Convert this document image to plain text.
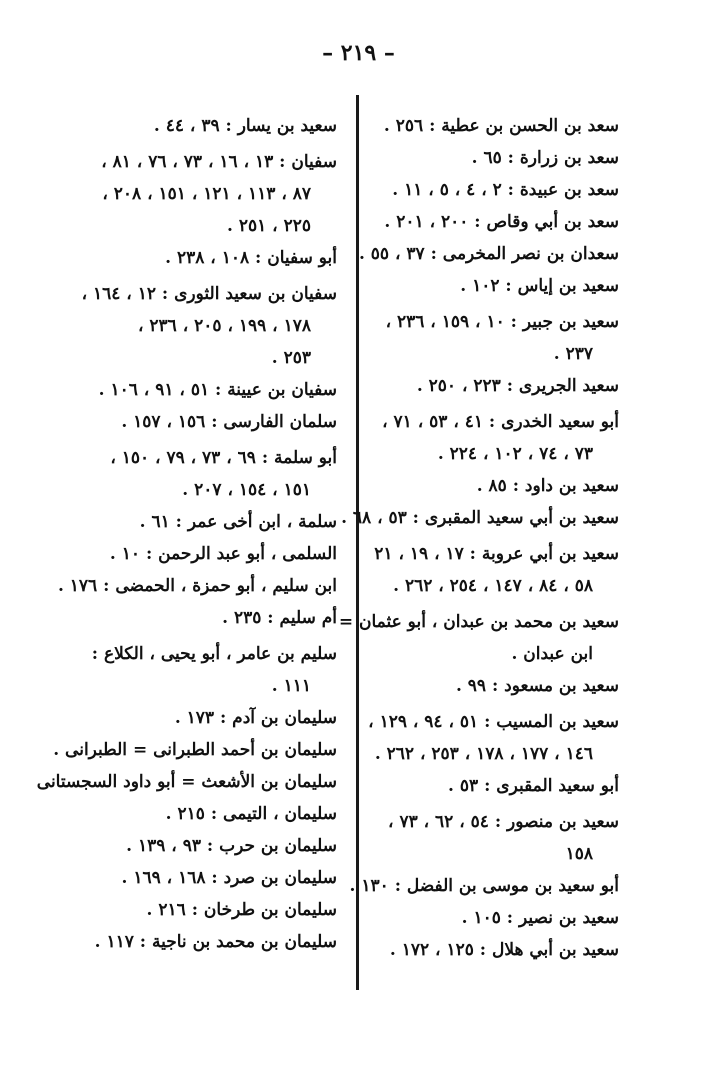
– ٢١٩ –
سعد بن الحسن بن عطية : ٢٥٦ .
سعد بن زرارة : ٦٥ .
سعد بن عبيدة : ٢ ، ٤ ، ٥ ، ١١ .
سعد بن أبي وقاص : ٢٠٠ ، ٢٠١ .
سعدان بن نصر المخرمى : ٣٧ ، ٥٥ .
سعيد بن إياس : ١٠٢ .
سعيد بن جبير : ١٠ ، ١٥٩ ، ٢٣٦ ،
٢٣٧ .
سعيد الجريرى : ٢٢٣ ، ٢٥٠ .
أبو سعيد الخدرى : ٤١ ، ٥٣ ، ٧١ ،
٧٣ ، ٧٤ ، ١٠٢ ، ٢٢٤ .
سعيد بن داود : ٨٥ .
سعيد بن أبي سعيد المقبرى : ٥٣ ، ٦٨ .
سعيد بن أبي عروبة : ١٧ ، ١٩ ، ٢١
٥٨ ، ٨٤ ، ١٤٧ ، ٢٥٤ ، ٢٦٢ .
سعيد بن محمد بن عبدان ، أبو عثمان =
ابن عبدان .
سعيد بن مسعود : ٩٩ .
سعيد بن المسيب : ٥١ ، ٩٤ ، ١٢٩ ،
١٤٦ ، ١٧٧ ، ١٧٨ ، ٢٥٣ ، ٢٦٢ .
أبو سعيد المقبرى : ٥٣ .
سعيد بن منصور : ٥٤ ، ٦٢ ، ٧٣ ،
١٥٨
أبو سعيد بن موسى بن الفضل : ١٣٠ .
سعيد بن نصير : ١٠٥ .
سعيد بن أبي هلال : ١٢٥ ، ١٧٢ .
سعيد بن يسار : ٣٩ ، ٤٤ .
سفيان : ١٣ ، ١٦ ، ٧٣ ، ٧٦ ، ٨١ ،
٨٧ ، ١١٣ ، ١٢١ ، ١٥١ ، ٢٠٨ ،
٢٢٥ ، ٢٥١ .
أبو سفيان : ١٠٨ ، ٢٣٨ .
سفيان بن سعيد الثورى : ١٢ ، ١٦٤ ،
١٧٨ ، ١٩٩ ، ٢٠٥ ، ٢٣٦ ،
٢٥٣ .
سفيان بن عيينة : ٥١ ، ٩١ ، ١٠٦ .
سلمان الفارسى : ١٥٦ ، ١٥٧ .
أبو سلمة : ٦٩ ، ٧٣ ، ٧٩ ، ١٥٠ ،
١٥١ ، ١٥٤ ، ٢٠٧ .
سلمة ، ابن أخى عمر : ٦١ .
السلمى ، أبو عبد الرحمن : ١٠ .
ابن سليم ، أبو حمزة ، الحمضى : ١٧٦ .
أم سليم : ٢٣٥ .
سليم بن عامر ، أبو يحيى ، الكلاع :
١١١ .
سليمان بن آدم : ١٧٣ .
سليمان بن أحمد الطبرانى = الطبرانى .
سليمان بن الأشعث = أبو داود السجستانى
سليمان ، التيمى : ٢١٥ .
سليمان بن حرب : ٩٣ ، ١٣٩ .
سليمان بن صرد : ١٦٨ ، ١٦٩ .
سليمان بن طرخان : ٢١٦ .
سليمان بن محمد بن ناجية : ١١٧ .
